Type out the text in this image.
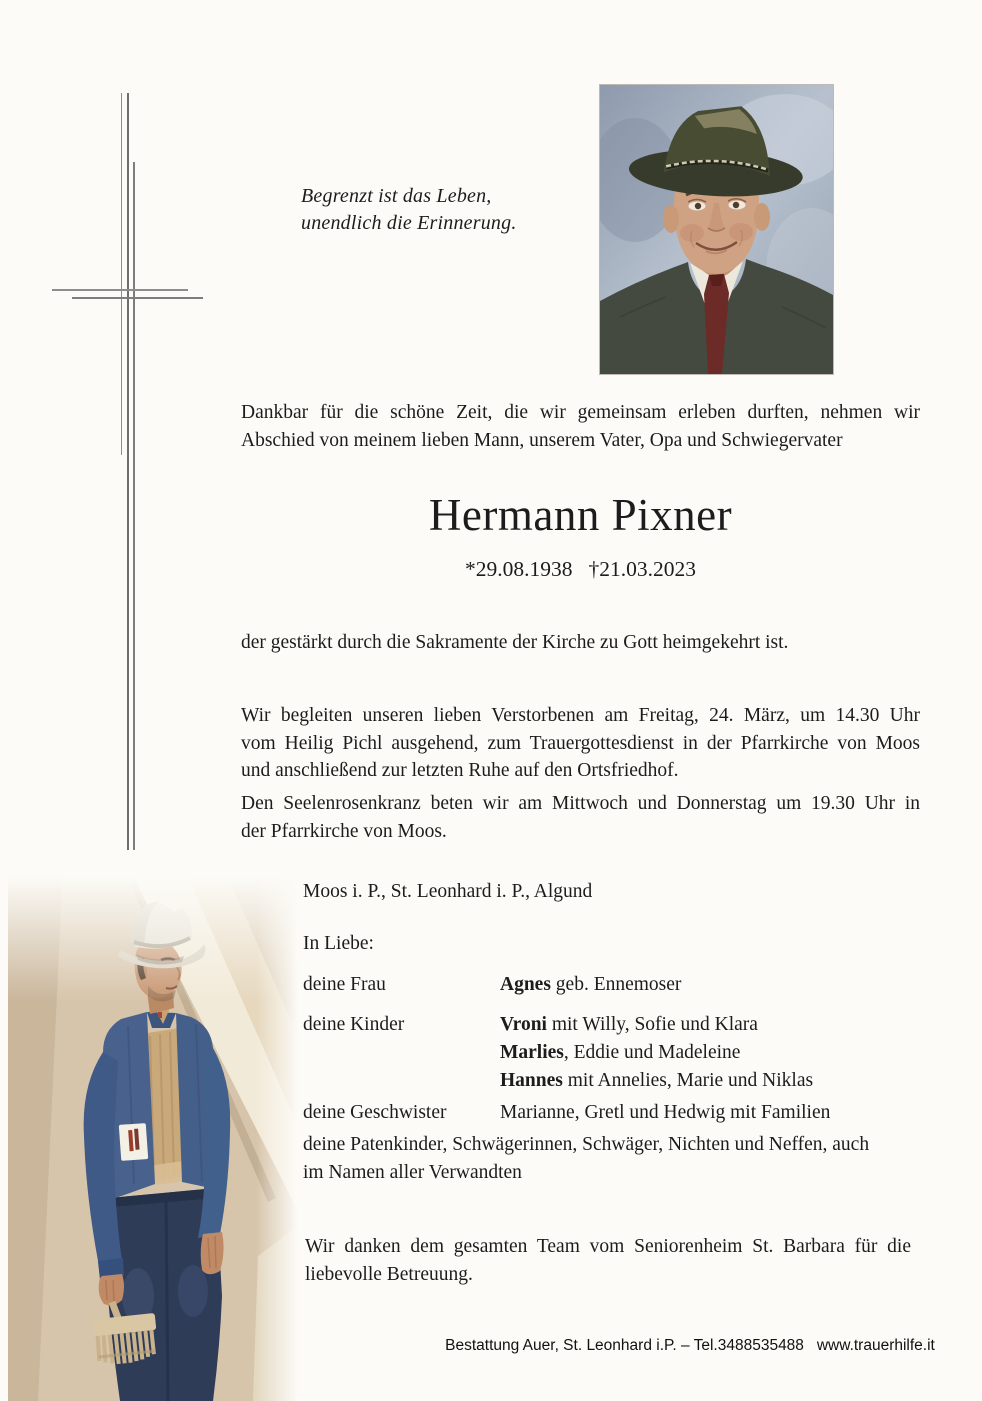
Begrenzt ist das Leben,
unendlich die Erinnerung.
Dankbar für die schöne Zeit, die wir gemeinsam erleben durften, nehmen wir
Abschied von meinem lieben Mann, unserem Vater, Opa und Schwiegervater
Hermann Pixner
*29.08.1938 †21.03.2023
der gestärkt durch die Sakramente der Kirche zu Gott heimgekehrt ist.
Wir begleiten unseren lieben Verstorbenen am Freitag, 24. März, um 14.30 Uhr
vom Heilig Pichl ausgehend, zum Trauergottesdienst in der Pfarrkirche von Moos
und anschließend zur letzten Ruhe auf den Ortsfriedhof.
Den Seelenrosenkranz beten wir am Mittwoch und Donnerstag um 19.30 Uhr in
der Pfarrkirche von Moos.
Moos i. P., St. Leonhard i. P., Algund
In Liebe:
deine Frau	Agnes geb. Ennemoser
deine Kinder	Vroni mit Willy, Sofie und Klara
Marlies, Eddie und Madeleine
Hannes mit Annelies, Marie und Niklas
deine Geschwister	Marianne, Gretl und Hedwig mit Familien
deine Patenkinder, Schwägerinnen, Schwäger, Nichten und Neffen, auch
im Namen aller Verwandten
Wir danken dem gesamten Team vom Seniorenheim St. Barbara für die
liebevolle Betreuung.
Bestattung Auer, St. Leonhard i.P. – Tel.3488535488   www.trauerhilfe.it
